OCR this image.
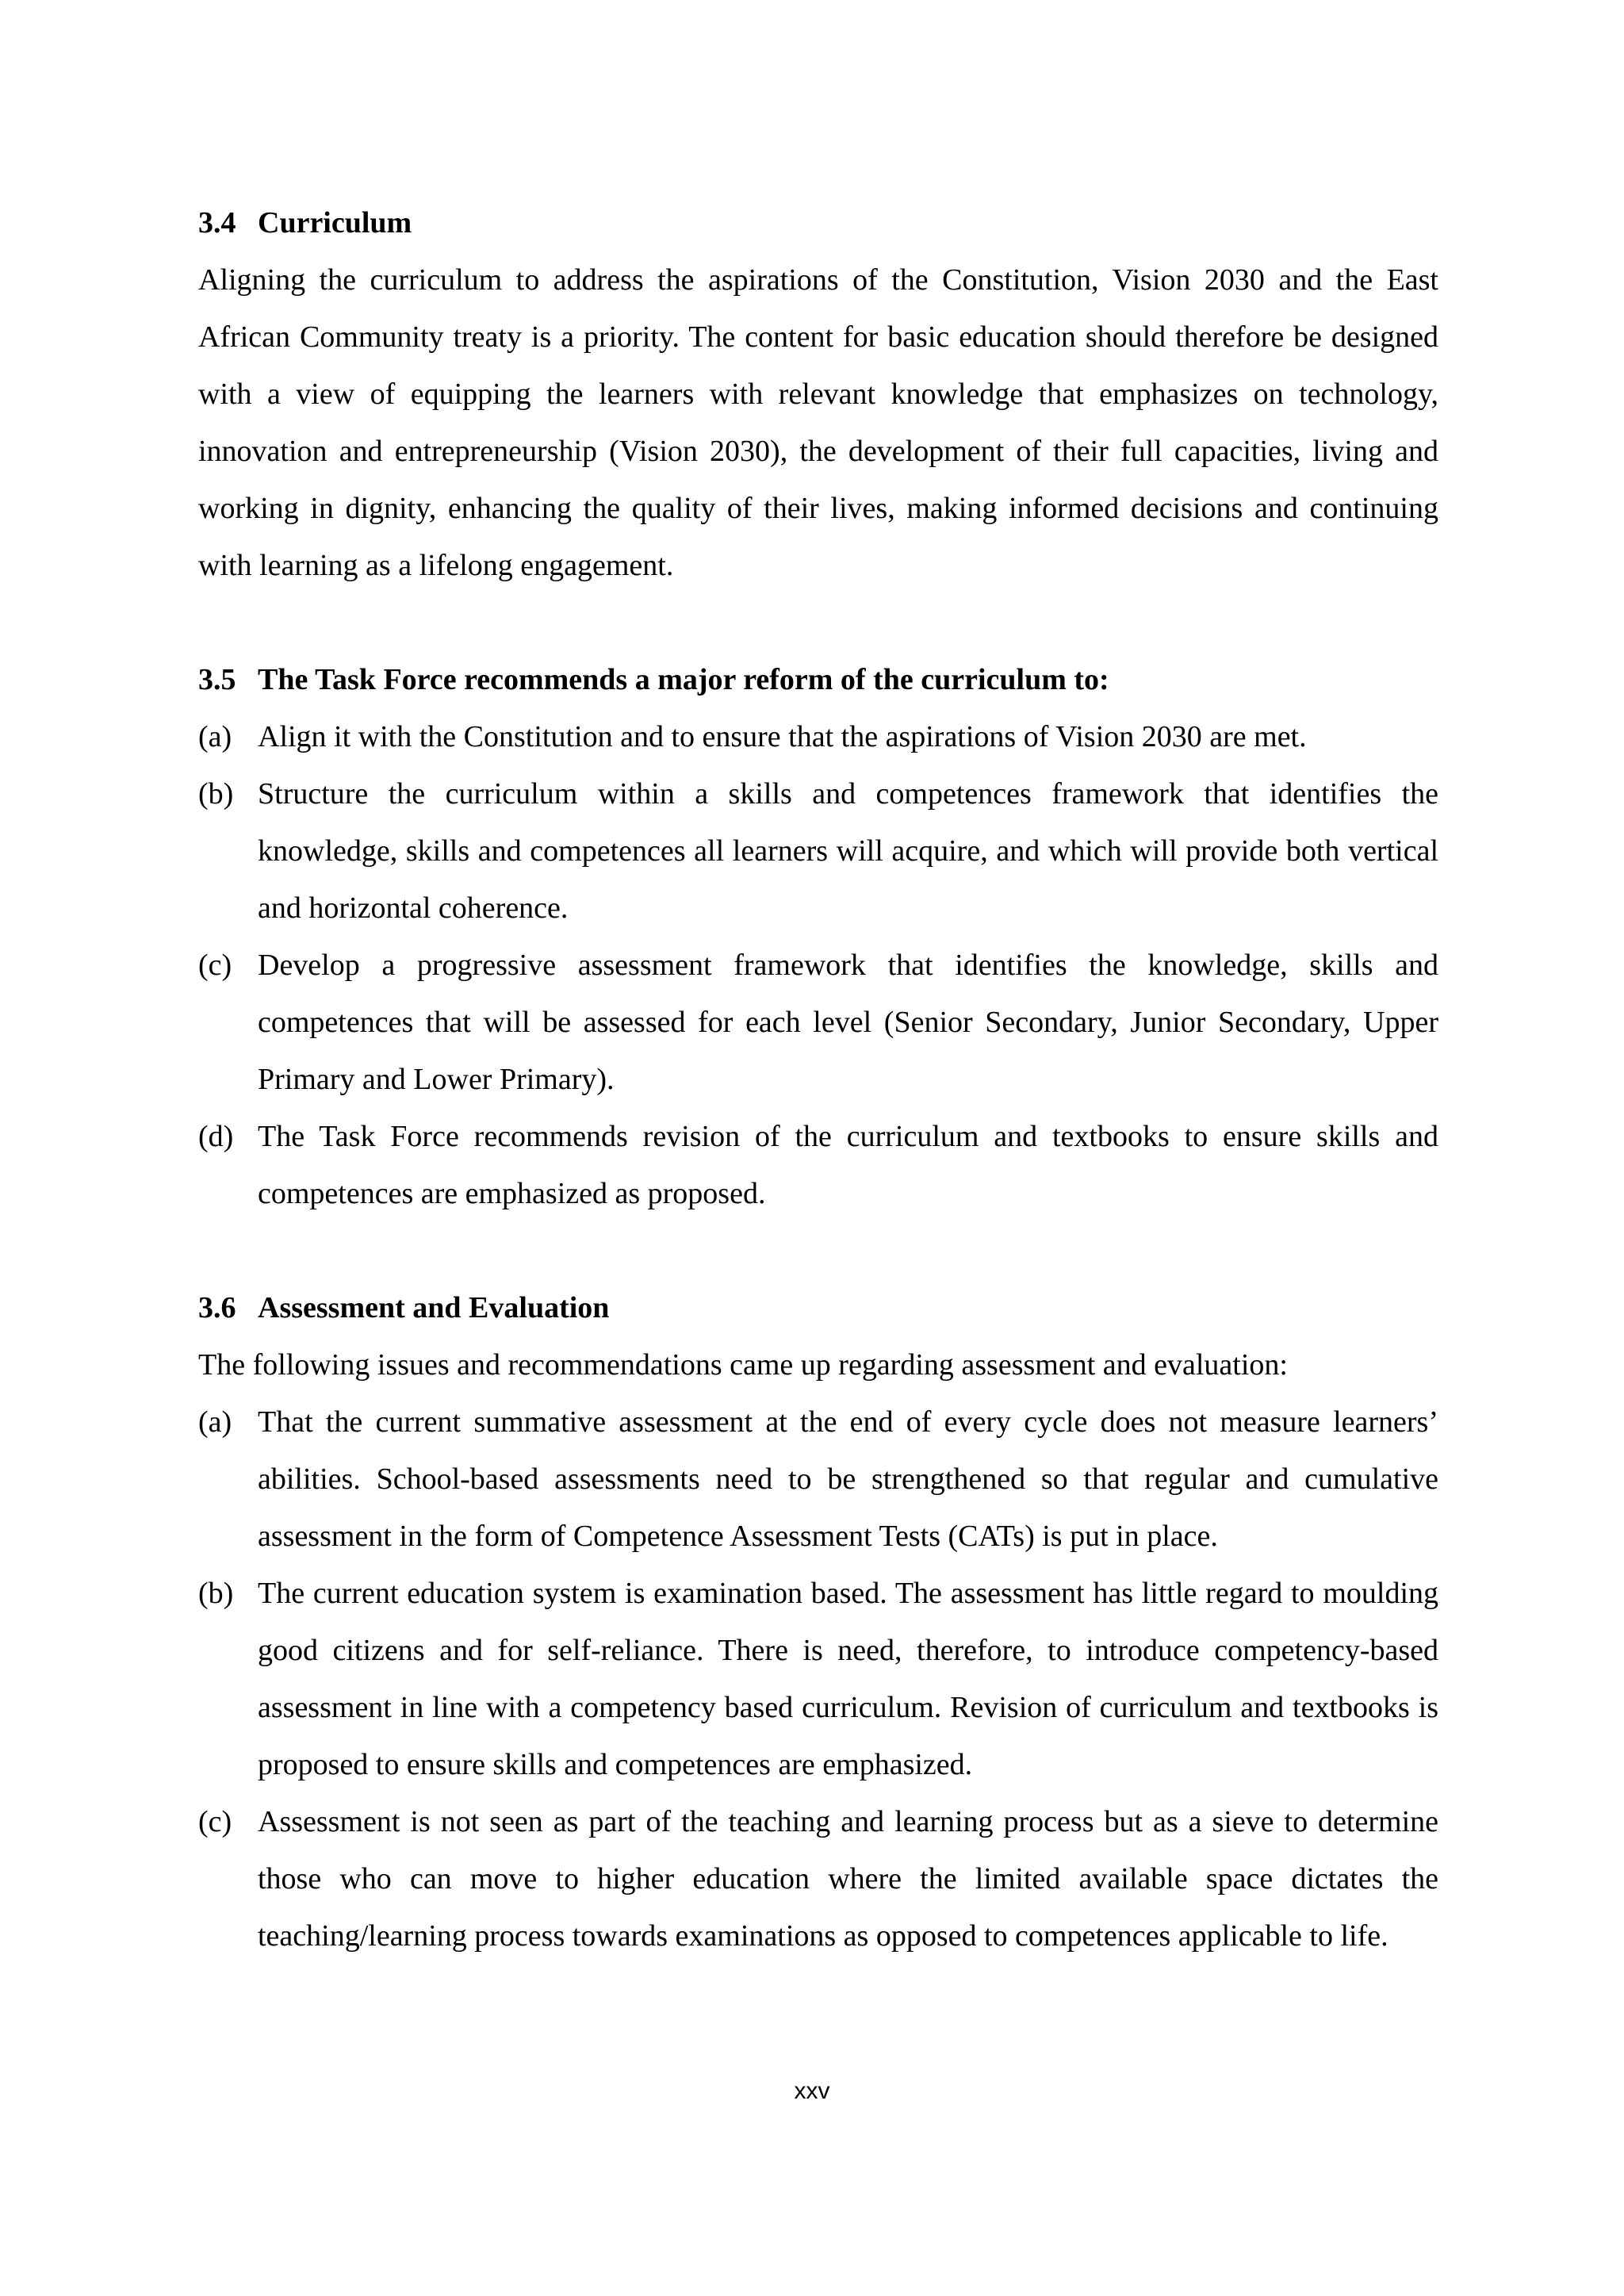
3.4 Curriculum

Aligning the curriculum to address the aspirations of the Constitution, Vision 2030 and the East African Community treaty is a priority. The content for basic education should therefore be designed with a view of equipping the learners with relevant knowledge that emphasizes on technology, innovation and entrepreneurship (Vision 2030), the development of their full capacities, living and working in dignity, enhancing the quality of their lives, making informed decisions and continuing with learning as a lifelong engagement.

3.5 The Task Force recommends a major reform of the curriculum to:
(a) Align it with the Constitution and to ensure that the aspirations of Vision 2030 are met.
(b) Structure the curriculum within a skills and competences framework that identifies the knowledge, skills and competences all learners will acquire, and which will provide both vertical and horizontal coherence.
(c) Develop a progressive assessment framework that identifies the knowledge, skills and competences that will be assessed for each level (Senior Secondary, Junior Secondary, Upper Primary and Lower Primary).
(d) The Task Force recommends revision of the curriculum and textbooks to ensure skills and competences are emphasized as proposed.
3.6 Assessment and Evaluation

The following issues and recommendations came up regarding assessment and evaluation:

(a) That the current summative assessment at the end of every cycle does not measure learners’ abilities. School-based assessments need to be strengthened so that regular and cumulative assessment in the form of Competence Assessment Tests (CATs) is put in place.
(b) The current education system is examination based. The assessment has little regard to moulding good citizens and for self-reliance. There is need, therefore, to introduce competency-based assessment in line with a competency based curriculum. Revision of curriculum and textbooks is proposed to ensure skills and competences are emphasized.
(c) Assessment is not seen as part of the teaching and learning process but as a sieve to determine those who can move to higher education where the limited available space dictates the teaching/learning process towards examinations as opposed to competences applicable to life.
xxv
